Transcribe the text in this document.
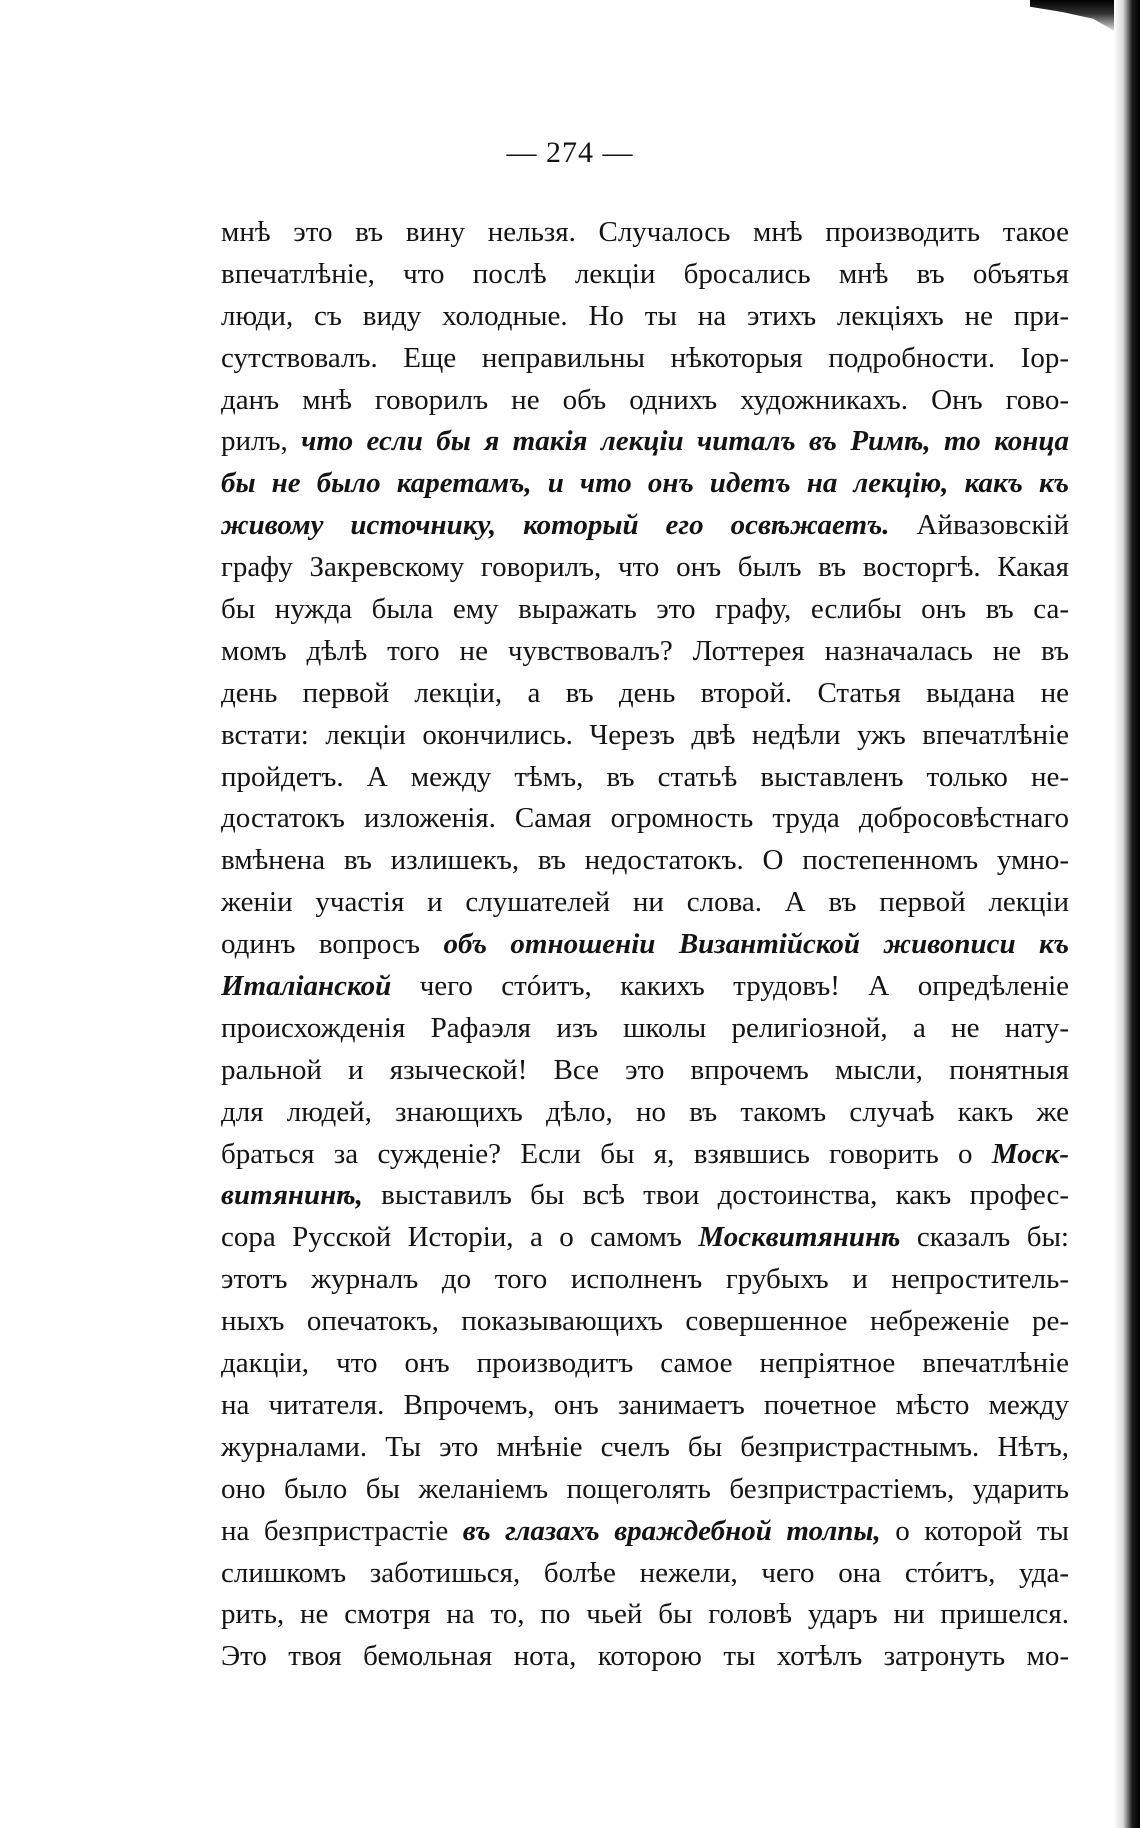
— 274 —
мнѣ это въ вину нельзя. Случалось мнѣ производить такое
впечатлѣніе, что послѣ лекціи бросались мнѣ въ объятья
люди, съ виду холодные. Но ты на этихъ лекціяхъ не при-
сутствовалъ. Еще неправильны нѣкоторыя подробности. Іор-
данъ мнѣ говорилъ не объ однихъ художникахъ. Онъ гово-
рилъ, что если бы я такія лекціи читалъ въ Римѣ, то конца
бы не было каретамъ, и что онъ идетъ на лекцію, какъ къ
живому источнику, который его освѣжаетъ. Айвазовскій
графу Закревскому говорилъ, что онъ былъ въ восторгѣ. Какая
бы нужда была ему выражать это графу, еслибы онъ въ са-
момъ дѣлѣ того не чувствовалъ? Лоттерея назначалась не въ
день первой лекціи, а въ день второй. Статья выдана не
встати: лекціи окончились. Черезъ двѣ недѣли ужъ впечатлѣніе
пройдетъ. А между тѣмъ, въ статьѣ выставленъ только не-
достатокъ изложенія. Самая огромность труда добросовѣстнаго
вмѣнена въ излишекъ, въ недостатокъ. О постепенномъ умно-
женіи участія и слушателей ни слова. А въ первой лекціи
одинъ вопросъ объ отношеніи Византійской живописи къ
Италіанской чего стóитъ, какихъ трудовъ! А опредѣленіе
происхожденія Рафаэля изъ школы религіозной, а не нату-
ральной и языческой! Все это впрочемъ мысли, понятныя
для людей, знающихъ дѣло, но въ такомъ случаѣ какъ же
браться за сужденіе? Если бы я, взявшись говорить о Моск-
витянинѣ, выставилъ бы всѣ твои достоинства, какъ профес-
сора Русской Исторіи, а о самомъ Москвитянинѣ сказалъ бы:
этотъ журналъ до того исполненъ грубыхъ и непроститель-
ныхъ опечатокъ, показывающихъ совершенное небреженіе ре-
дакціи, что онъ производитъ самое непріятное впечатлѣніе
на читателя. Впрочемъ, онъ занимаетъ почетное мѣсто между
журналами. Ты это мнѣніе счелъ бы безпристрастнымъ. Нѣтъ,
оно было бы желаніемъ пощеголять безпристрастіемъ, ударить
на безпристрастіе въ глазахъ враждебной толпы, о которой ты
слишкомъ заботишься, болѣе нежели, чего она стóитъ, уда-
рить, не смотря на то, по чьей бы головѣ ударъ ни пришелся.
Это твоя бемольная нота, которою ты хотѣлъ затронуть мо-
